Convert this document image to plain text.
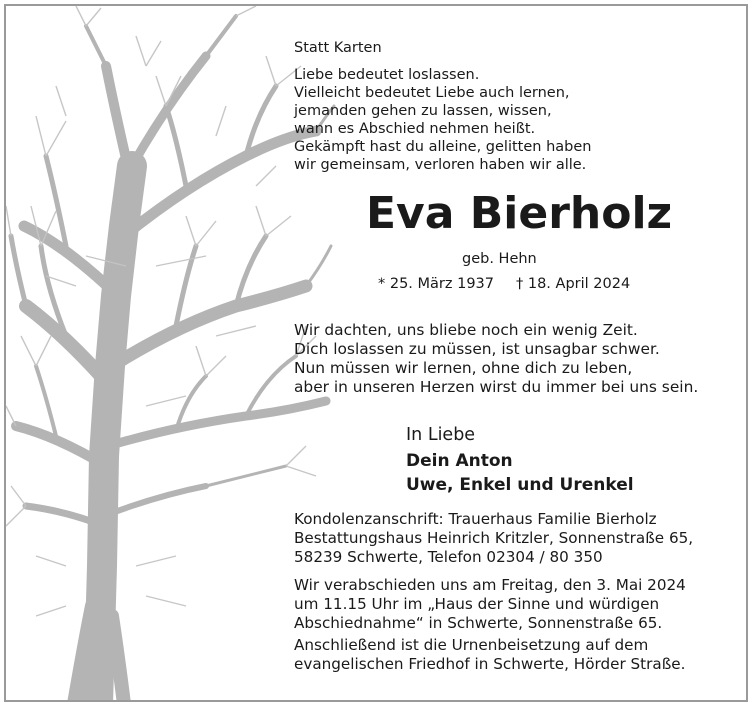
Statt Karten
Liebe bedeutet loslassen.
Vielleicht bedeutet Liebe auch lernen,
jemanden gehen zu lassen, wissen,
wann es Abschied nehmen heißt.
Gekämpft hast du alleine, gelitten haben
wir gemeinsam, verloren haben wir alle.
Eva Bierholz
geb. Hehn
* 25. März 1937 † 18. April 2024
Wir dachten, uns bliebe noch ein wenig Zeit.
Dich loslassen zu müssen, ist unsagbar schwer.
Nun müssen wir lernen, ohne dich zu leben,
aber in unseren Herzen wirst du immer bei uns sein.
In Liebe
Dein Anton
Uwe, Enkel und Urenkel
Kondolenzanschrift: Trauerhaus Familie Bierholz
Bestattungshaus Heinrich Kritzler, Sonnenstraße 65,
58239 Schwerte, Telefon 02304 / 80 350
Wir verabschieden uns am Freitag, den 3. Mai 2024
um 11.15 Uhr im „Haus der Sinne und würdigen
Abschiednahme“ in Schwerte, Sonnenstraße 65.
Anschließend ist die Urnenbeisetzung auf dem
evangelischen Friedhof in Schwerte, Hörder Straße.
